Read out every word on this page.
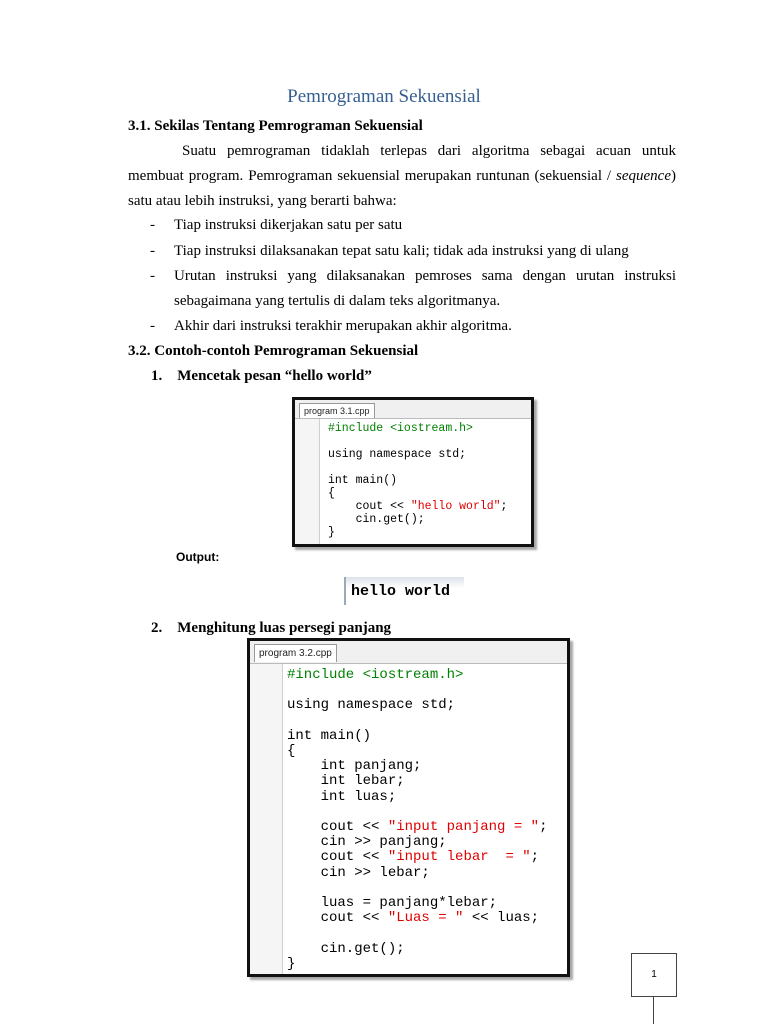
Pemrograman Sekuensial
3.1. Sekilas Tentang Pemrograman Sekuensial
Suatu pemrograman tidaklah terlepas dari algoritma sebagai acuan untuk membuat program. Pemrograman sekuensial merupakan runtunan (sekuensial / sequence) satu atau lebih instruksi, yang berarti bahwa:
- Tiap instruksi dikerjakan satu per satu
- Tiap instruksi dilaksanakan tepat satu kali; tidak ada instruksi yang di ulang
- Urutan instruksi yang dilaksanakan pemroses sama dengan urutan instruksi sebagaimana yang tertulis di dalam teks algoritmanya.
- Akhir dari instruksi terakhir merupakan akhir algoritma.
3.2. Contoh-contoh Pemrograman Sekuensial
1. Mencetak pesan “hello world”
program 3.1.cpp
#include <iostream.h>

using namespace std;

int main()
{
cout << "hello world";
cin.get();
}
Output:
hello world
2. Menghitung luas persegi panjang
program 3.2.cpp
#include <iostream.h>

using namespace std;

int main()
{
int panjang;
int lebar;
int luas;

cout << "input panjang = ";
cin >> panjang;
cout << "input lebar  = ";
cin >> lebar;

luas = panjang*lebar;
cout << "Luas = " << luas;

cin.get();
}
1
